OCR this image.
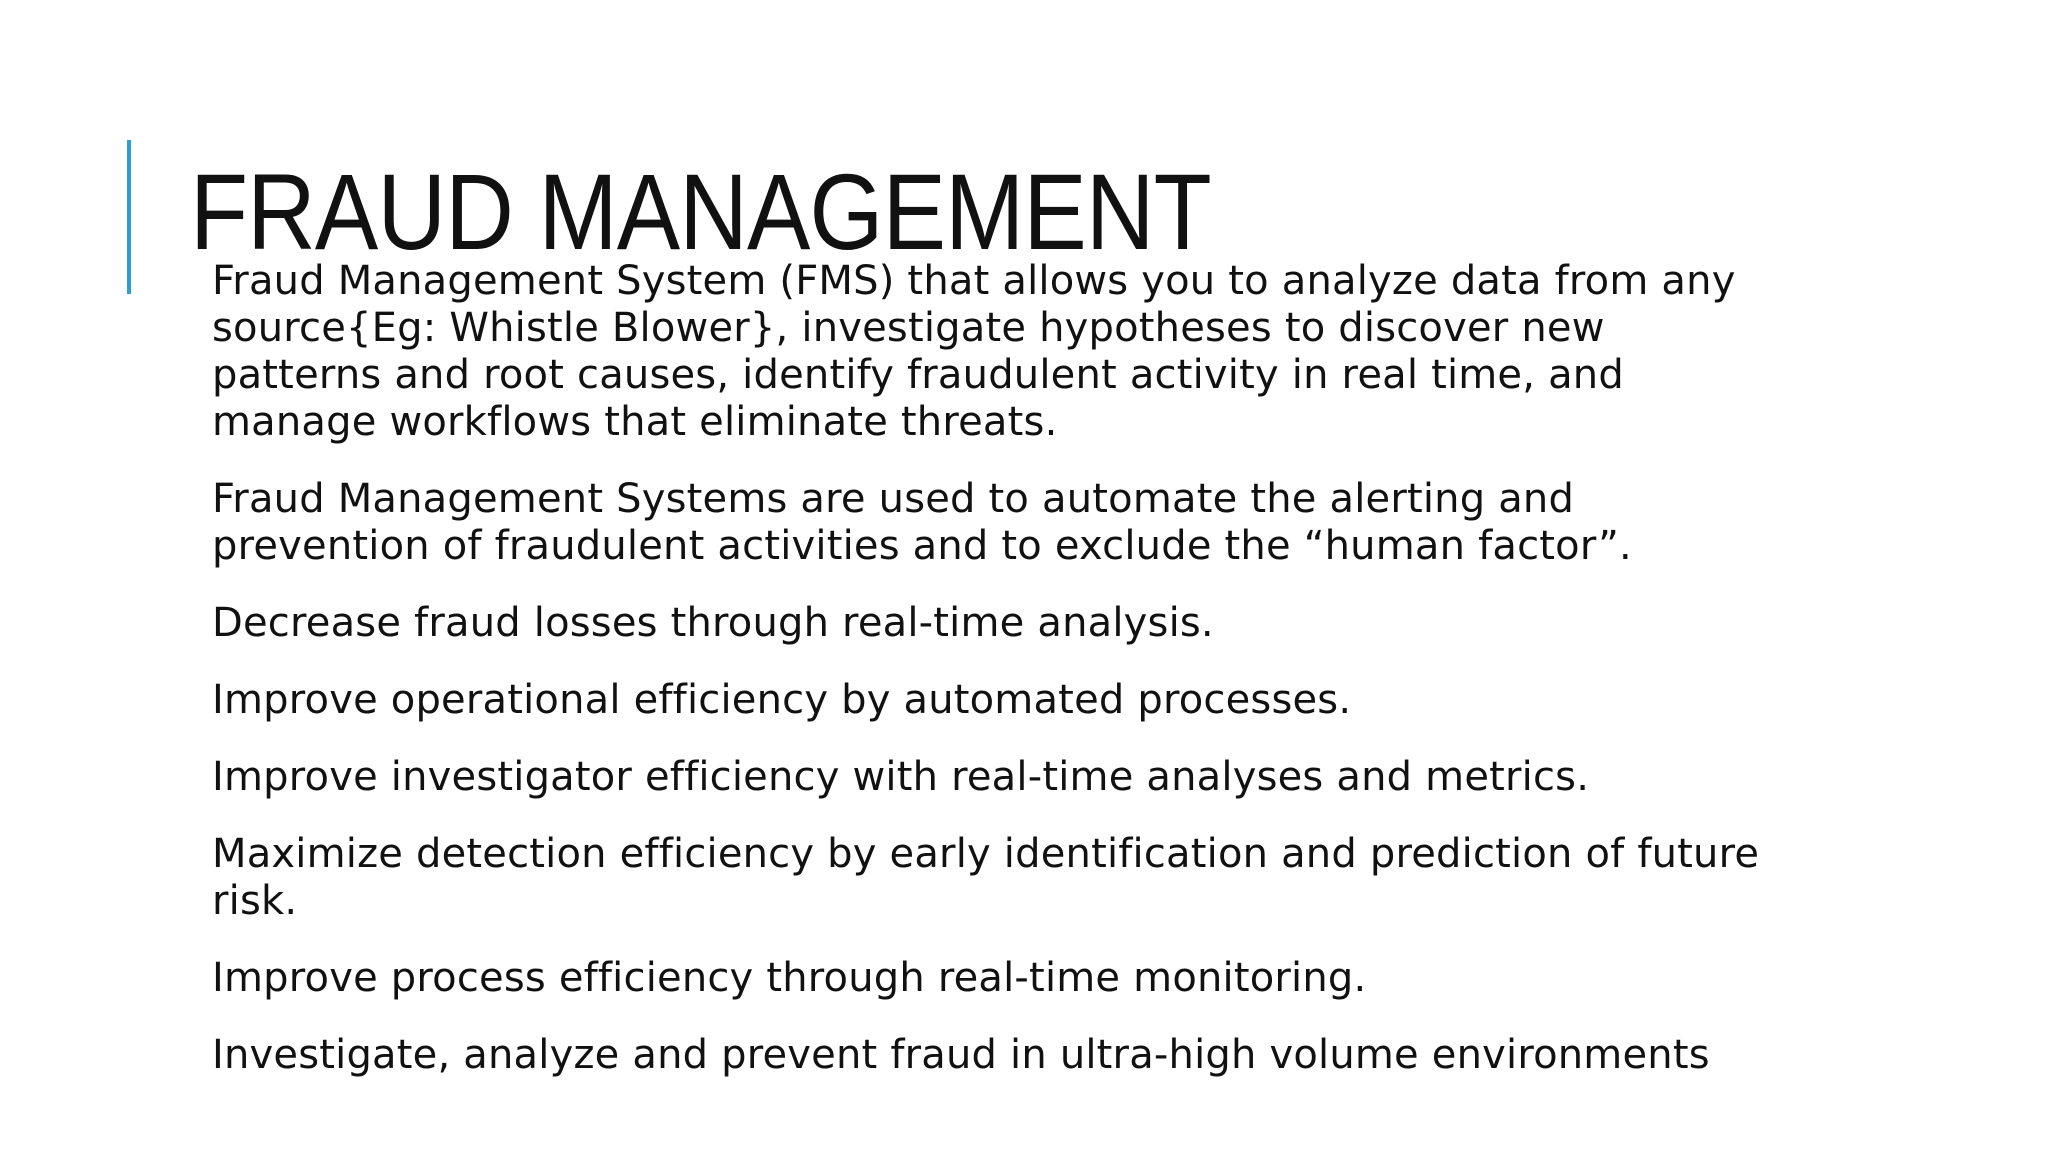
FRAUD MANAGEMENT

Fraud Management System (FMS) that allows you to analyze data from any source{Eg: Whistle Blower}, investigate hypotheses to discover new patterns and root causes, identify fraudulent activity in real time, and manage workflows that eliminate threats.

Fraud Management Systems are used to automate the alerting and prevention of fraudulent activities and to exclude the “human factor”.

Decrease fraud losses through real-time analysis.

Improve operational efficiency by automated processes.

Improve investigator efficiency with real-time analyses and metrics.

Maximize detection efficiency by early identification and prediction of future risk.

Improve process efficiency through real-time monitoring.

Investigate, analyze and prevent fraud in ultra-high volume environments
